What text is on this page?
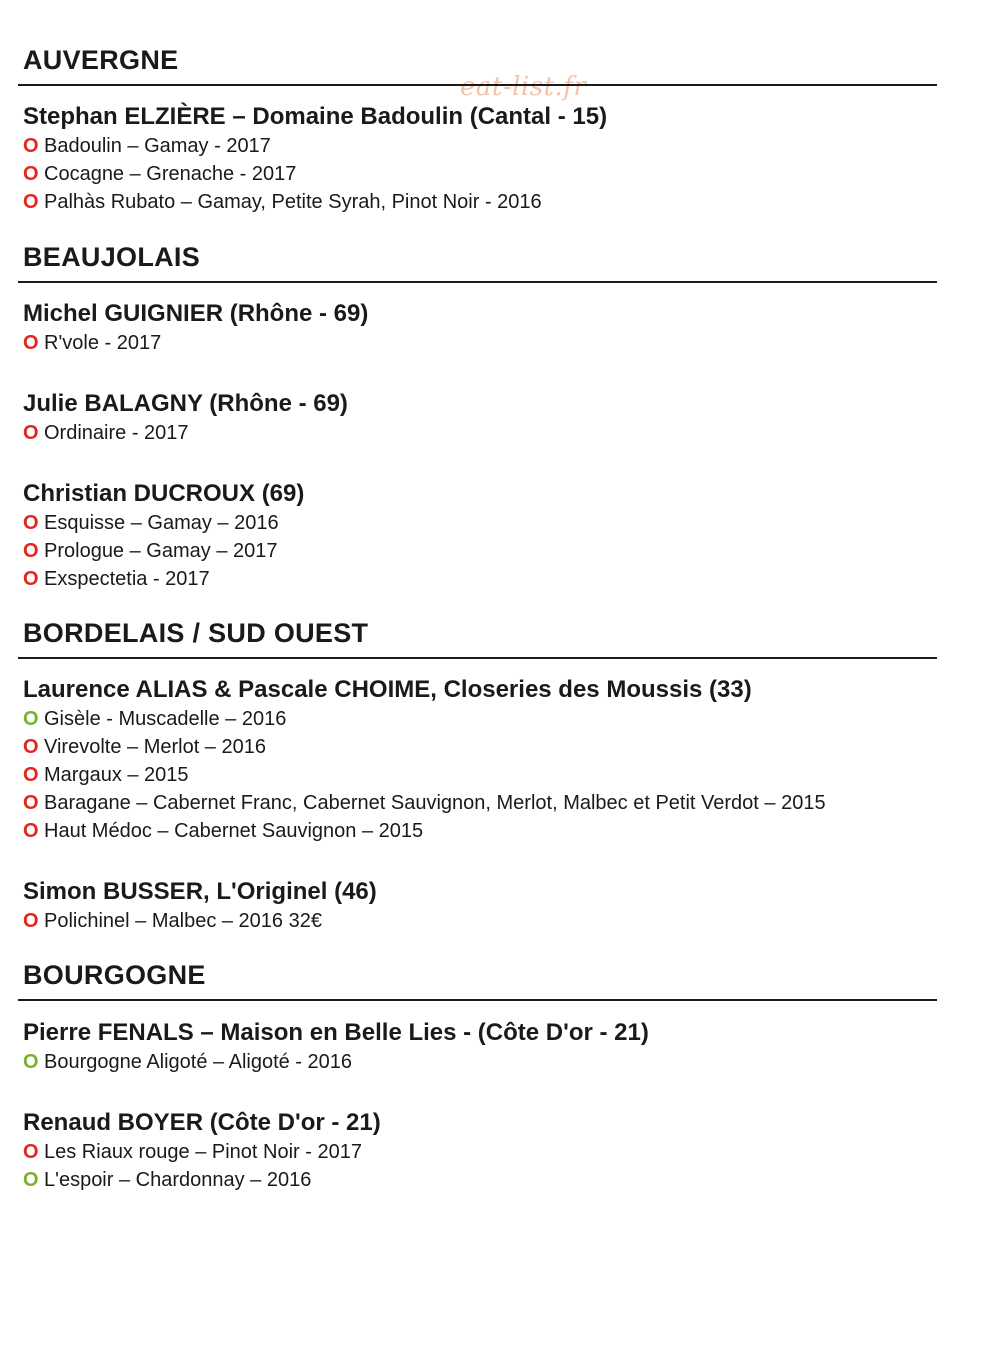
eat-list.fr
AUVERGNE
Stephan ELZIÈRE – Domaine Badoulin (Cantal - 15)
O Badoulin – Gamay - 2017
O Cocagne – Grenache - 2017
O Palhàs Rubato – Gamay, Petite Syrah, Pinot Noir - 2016
BEAUJOLAIS
Michel GUIGNIER (Rhône - 69)
O R'vole - 2017
Julie BALAGNY (Rhône - 69)
O Ordinaire - 2017
Christian DUCROUX (69)
O Esquisse – Gamay – 2016
O Prologue – Gamay – 2017
O Exspectetia - 2017
BORDELAIS / SUD OUEST
Laurence ALIAS & Pascale CHOIME, Closeries des Moussis (33)
O Gisèle - Muscadelle – 2016
O Virevolte – Merlot – 2016
O Margaux – 2015
O Baragane – Cabernet Franc, Cabernet Sauvignon, Merlot, Malbec et Petit Verdot – 2015
O Haut Médoc – Cabernet Sauvignon – 2015
Simon BUSSER, L'Originel (46)
O Polichinel – Malbec – 2016 32€
BOURGOGNE
Pierre FENALS – Maison en Belle Lies - (Côte D'or - 21)
O Bourgogne Aligoté – Aligoté - 2016
Renaud BOYER (Côte D'or - 21)
O Les Riaux rouge – Pinot Noir - 2017
O L'espoir – Chardonnay – 2016
